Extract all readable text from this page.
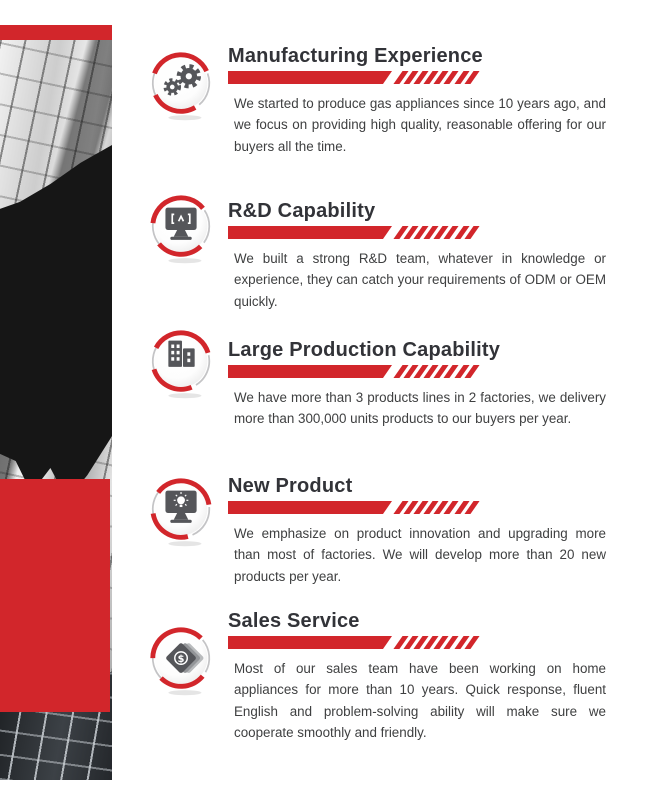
Manufacturing Experience

We started to produce gas appliances since 10 years ago, and we focus on providing high quality, reasonable offering for our buyers all the time.

R&D Capability

We built a strong R&D team, whatever in knowledge or experience, they can catch your requirements of ODM or OEM quickly.

Large Production Capability

We have more than 3 products lines in 2 factories, we delivery more than 300,000 units products to our buyers per year.

New Product

We emphasize on product innovation and upgrading more than most of factories. We will develop more than 20 new products per year.

$
Sales Service

Most of our sales team have been working on home appliances for more than 10 years. Quick response, fluent English and problem-solving ability will make sure we cooperate smoothly and friendly.
